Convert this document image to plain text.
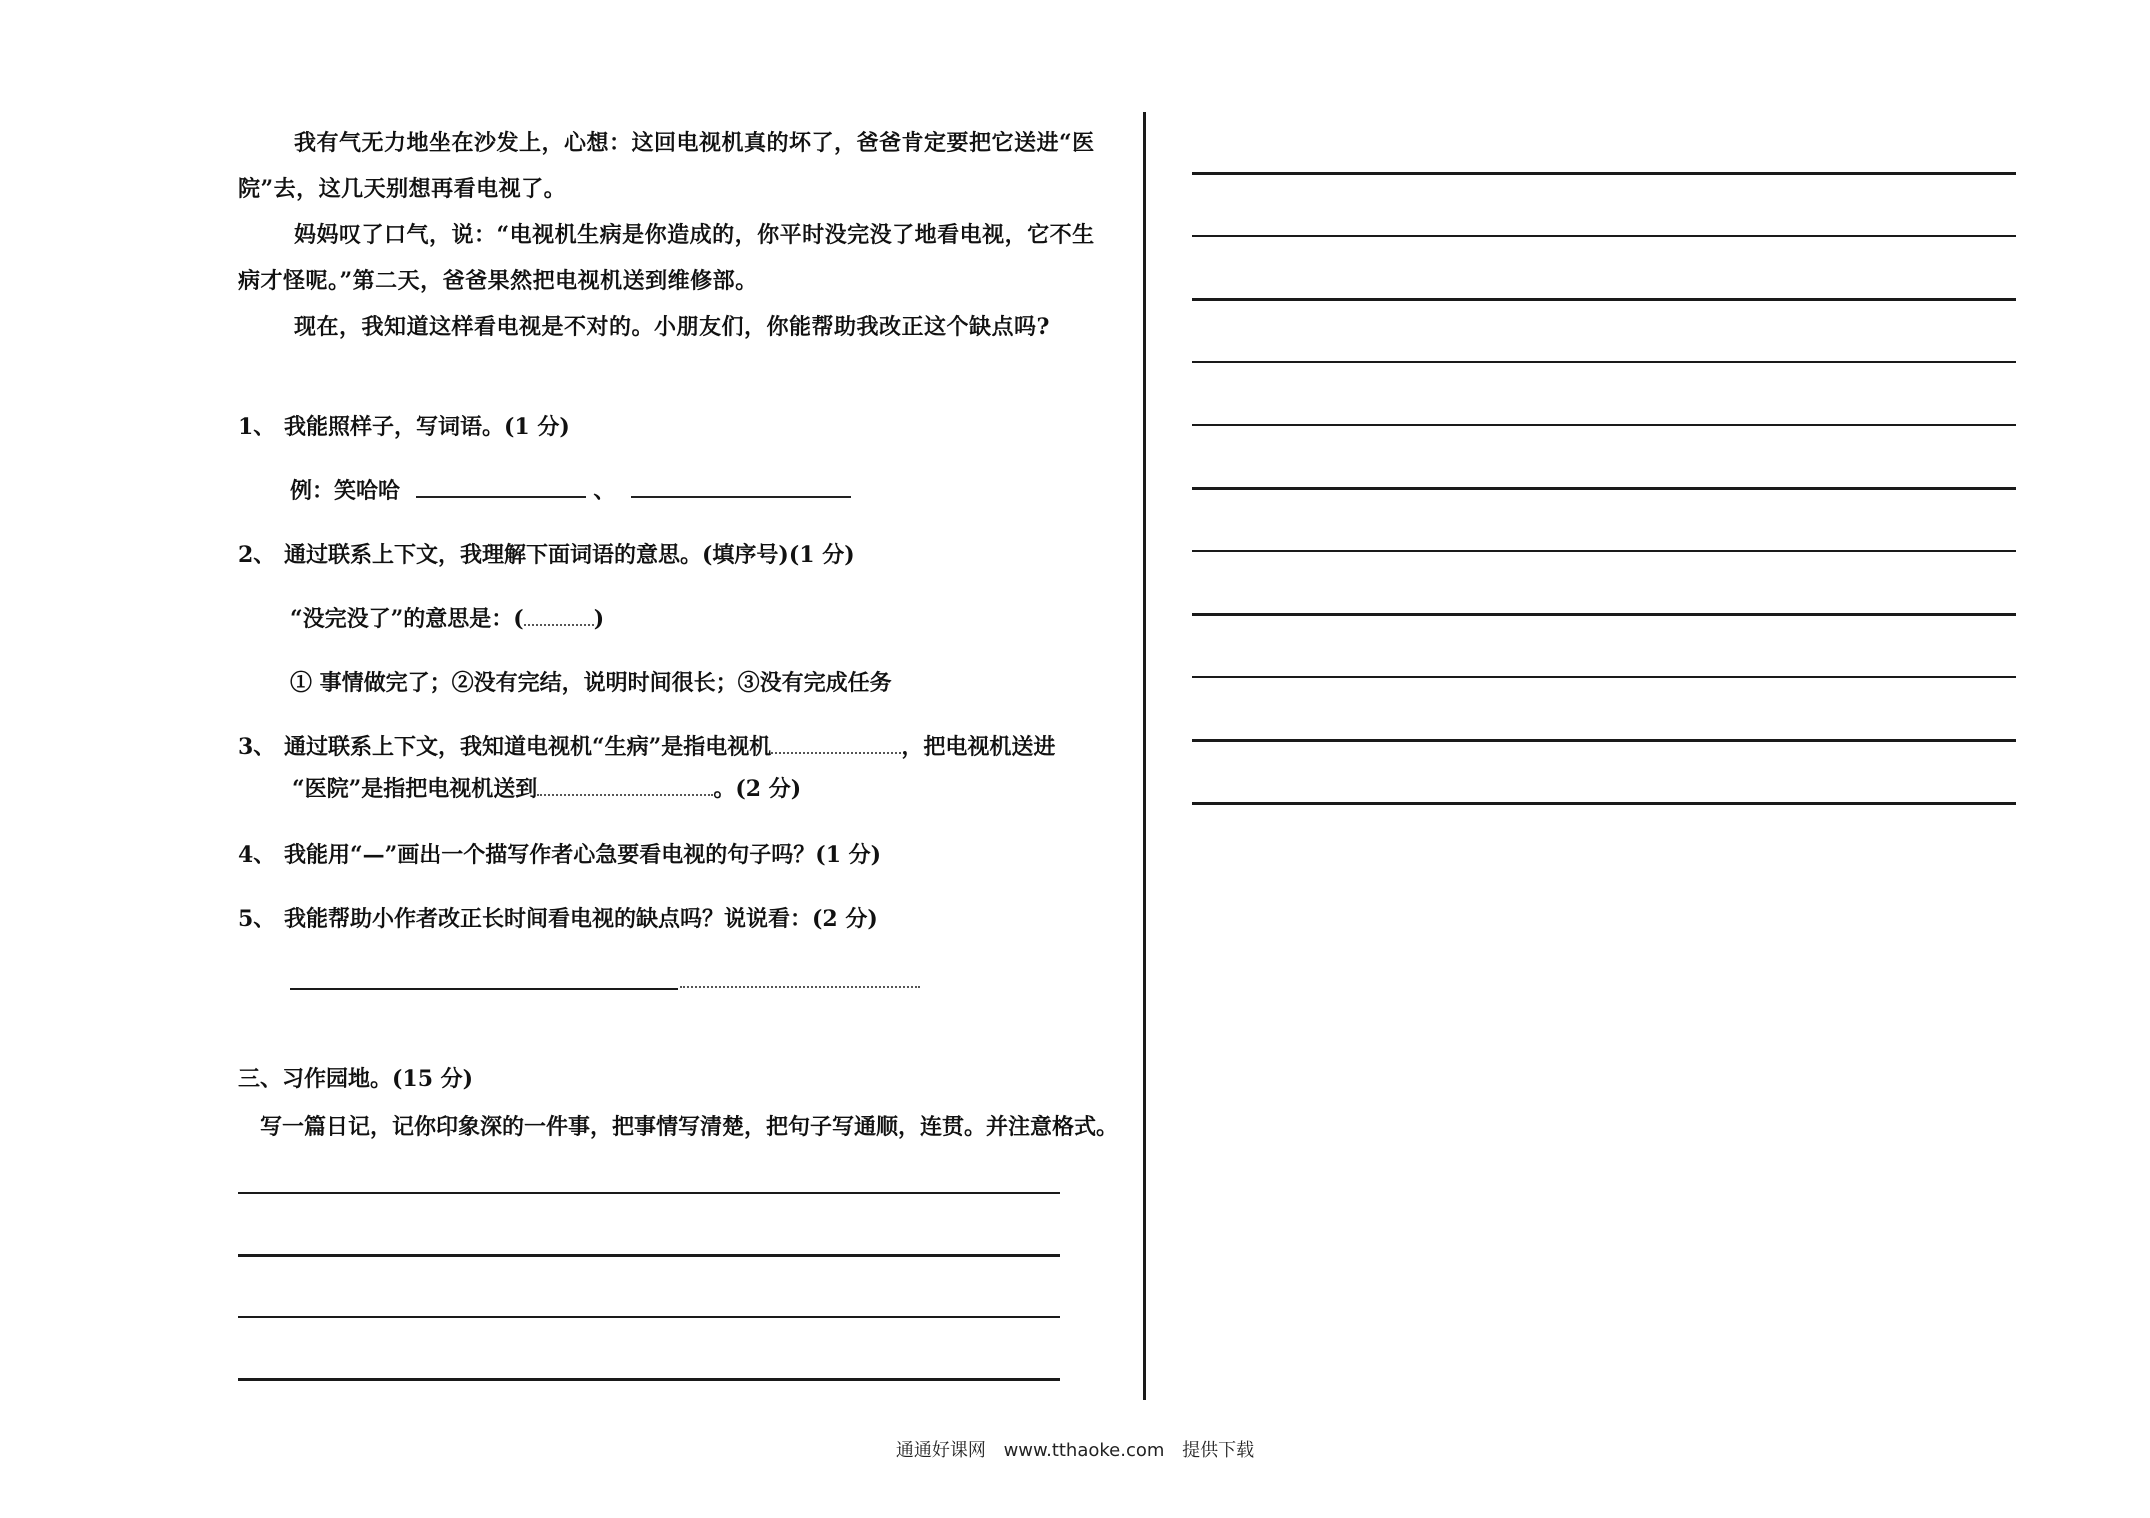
我有气无力地坐在沙发上，心想：这回电视机真的坏了，爸爸肯定要把它送进“医院”去，这几天别想再看电视了。

妈妈叹了口气，说：“电视机生病是你造成的，你平时没完没了地看电视，它不生病才怪呢。”第二天，爸爸果然把电视机送到维修部。

现在，我知道这样看电视是不对的。小朋友们，你能帮助我改正这个缺点吗?

1、 我能照样子，写词语。(1 分)
例：笑哈哈	、
2、 通过联系上下文，我理解下面词语的意思。(填序号)(1 分)
“没完没了”的意思是：(	)
① 事情做完了；②没有完结，说明时间很长；③没有完成任务
3、 通过联系上下文，我知道电视机“生病”是指电视机	，把电视机送进
“医院”是指把电视机送到	。(2 分)
4、 我能用“—”画出一个描写作者心急要看电视的句子吗？(1 分)
5、 我能帮助小作者改正长时间看电视的缺点吗？说说看：(2 分)
三、习作园地。(15 分)
写一篇日记，记你印象深的一件事，把事情写清楚，把句子写通顺，连贯。并注意格式。
通通好课网 www.tthaoke.com 提供下载
